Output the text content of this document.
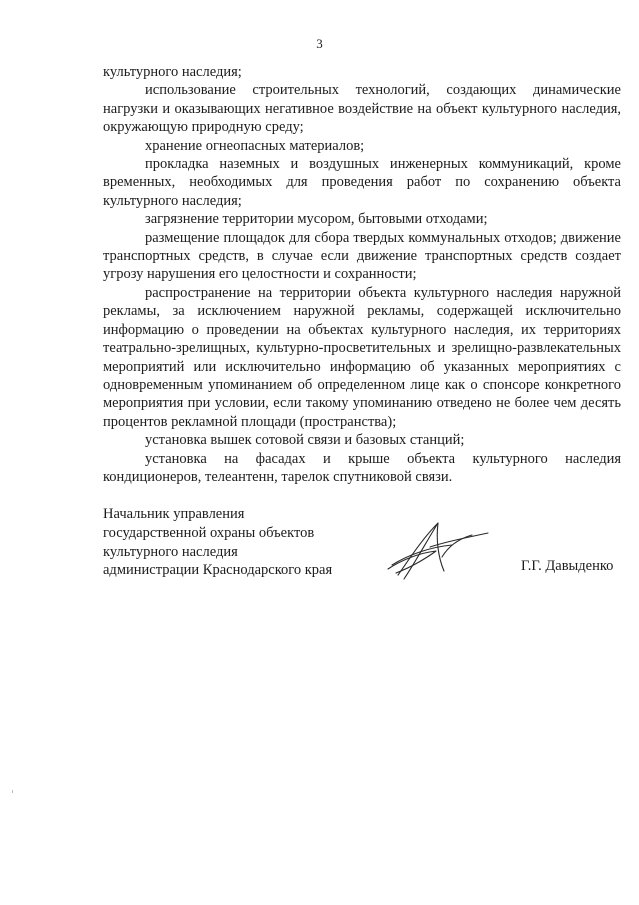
3

культурного наследия;

использование строительных технологий, создающих динамические нагрузки и оказывающих негативное воздействие на объект культурного наследия, окружающую природную среду;

хранение огнеопасных материалов;

прокладка наземных и воздушных инженерных коммуникаций, кроме временных, необходимых для проведения работ по сохранению объекта культурного наследия;

загрязнение территории мусором, бытовыми отходами;

размещение площадок для сбора твердых коммунальных отходов; движение транспортных средств, в случае если движение транспортных средств создает угрозу нарушения его целостности и сохранности;

распространение на территории объекта культурного наследия наружной рекламы, за исключением наружной рекламы, содержащей исключительно информацию о проведении на объектах культурного наследия, их территориях театрально-зрелищных, культурно-просветительных и зрелищно-развлекательных мероприятий или исключительно информацию об указанных мероприятиях с одновременным упоминанием об определенном лице как о спонсоре конкретного мероприятия при условии, если такому упоминанию отведено не более чем десять процентов рекламной площади (пространства);

установка вышек сотовой связи и базовых станций;

установка на фасадах и крыше объекта культурного наследия кондиционеров, телеантенн, тарелок спутниковой связи.

Начальник управления
государственной охраны объектов
культурного наследия
администрации Краснодарского края	Г.Г. Давыденко
